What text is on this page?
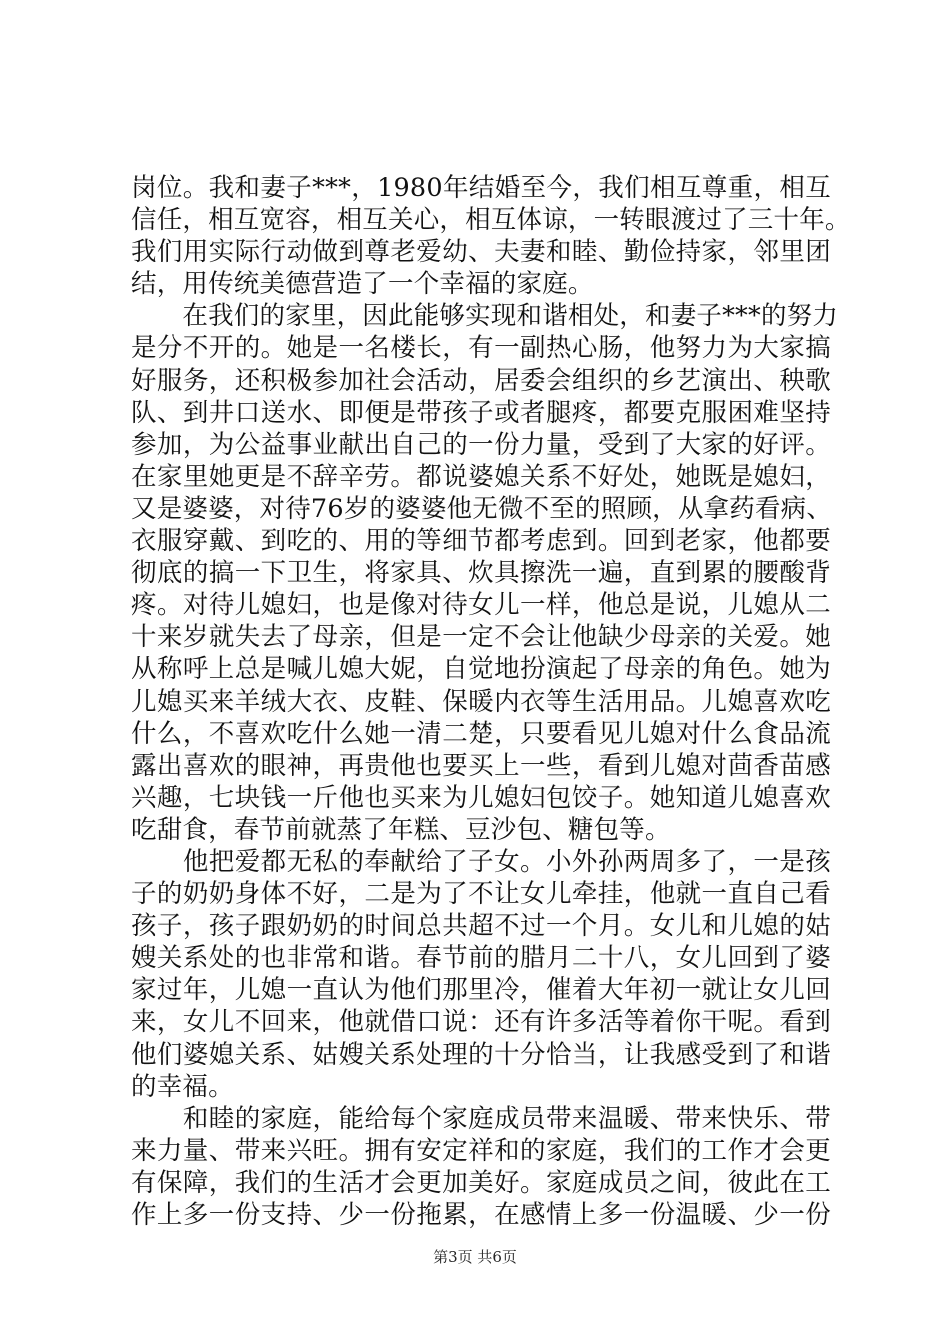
岗位。我和妻子***，1980年结婚至今，我们相互尊重，相互
信任，相互宽容，相互关心，相互体谅，一转眼渡过了三十年。
我们用实际行动做到尊老爱幼、夫妻和睦、勤俭持家，邻里团
结，用传统美德营造了一个幸福的家庭。
　　在我们的家里，因此能够实现和谐相处，和妻子***的努力
是分不开的。她是一名楼长，有一副热心肠，他努力为大家搞
好服务，还积极参加社会活动，居委会组织的乡艺演出、秧歌
队、到井口送水、即便是带孩子或者腿疼，都要克服困难坚持
参加，为公益事业献出自己的一份力量，受到了大家的好评。
在家里她更是不辞辛劳。都说婆媳关系不好处，她既是媳妇，
又是婆婆，对待76岁的婆婆他无微不至的照顾，从拿药看病、
衣服穿戴、到吃的、用的等细节都考虑到。回到老家，他都要
彻底的搞一下卫生，将家具、炊具擦洗一遍，直到累的腰酸背
疼。对待儿媳妇，也是像对待女儿一样，他总是说，儿媳从二
十来岁就失去了母亲，但是一定不会让他缺少母亲的关爱。她
从称呼上总是喊儿媳大妮，自觉地扮演起了母亲的角色。她为
儿媳买来羊绒大衣、皮鞋、保暖内衣等生活用品。儿媳喜欢吃
什么，不喜欢吃什么她一清二楚，只要看见儿媳对什么食品流
露出喜欢的眼神，再贵他也要买上一些，看到儿媳对茴香苗感
兴趣，七块钱一斤他也买来为儿媳妇包饺子。她知道儿媳喜欢
吃甜食，春节前就蒸了年糕、豆沙包、糖包等。
　　他把爱都无私的奉献给了子女。小外孙两周多了，一是孩
子的奶奶身体不好，二是为了不让女儿牵挂，他就一直自己看
孩子，孩子跟奶奶的时间总共超不过一个月。女儿和儿媳的姑
嫂关系处的也非常和谐。春节前的腊月二十八，女儿回到了婆
家过年，儿媳一直认为他们那里冷，催着大年初一就让女儿回
来，女儿不回来，他就借口说：还有许多活等着你干呢。看到
他们婆媳关系、姑嫂关系处理的十分恰当，让我感受到了和谐
的幸福。
　　和睦的家庭，能给每个家庭成员带来温暖、带来快乐、带
来力量、带来兴旺。拥有安定祥和的家庭，我们的工作才会更
有保障，我们的生活才会更加美好。家庭成员之间，彼此在工
作上多一份支持、少一份拖累，在感情上多一份温暖、少一份
第3页 共6页
